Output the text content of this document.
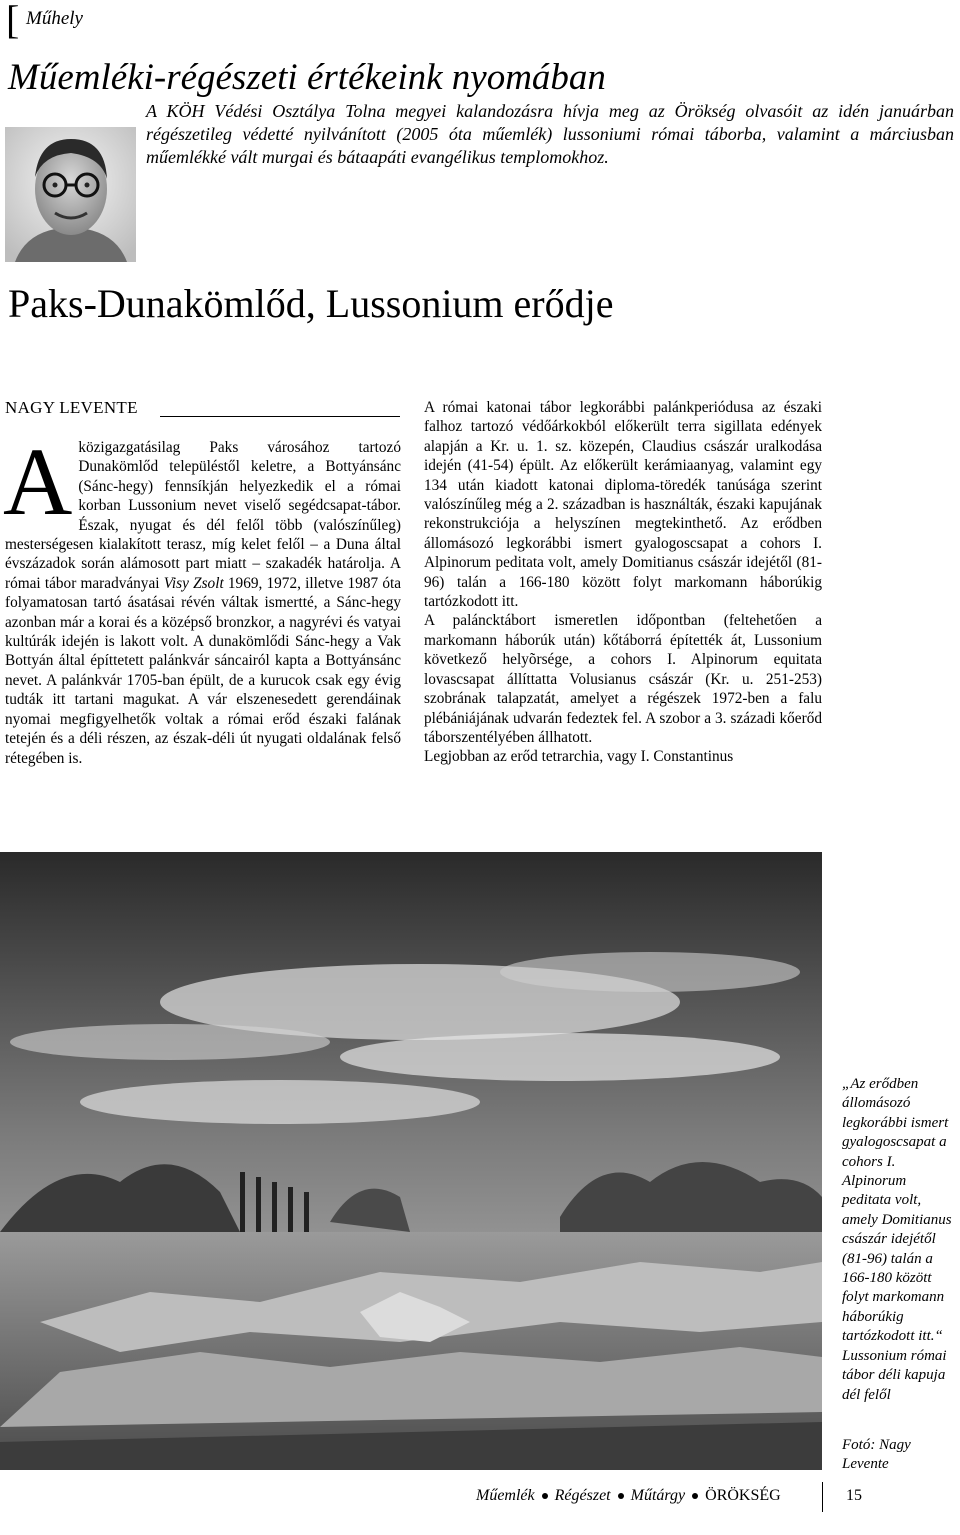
[ Műhely
Műemléki-régészeti értékeink nyomában
A KÖH Védési Osztálya Tolna megyei kalandozásra hívja meg az Örökség olvasóit az idén januárban régészetileg védetté nyilvánított (2005 óta műemlék) lussoniumi római táborba, valamint a márciusban műemlékké vált murgai és bátaapáti evangélikus templomokhoz.
Paks-Dunakömlőd, Lussonium erődje
NAGY LEVENTE

A közigazgatásilag Paks városához tartozó Dunakömlőd településtől keletre, a Bottyánsánc (Sánc-hegy) fennsíkján helyezkedik el a római korban Lussonium nevet viselő segédcsapat-tábor. Észak, nyugat és dél felől több (valószínűleg) mesterségesen kialakított terasz, míg kelet felől – a Duna által évszázadok során alámosott part miatt – szakadék határolja. A római tábor maradványai Visy Zsolt 1969, 1972, illetve 1987 óta folyamatosan tartó ásatásai révén váltak ismertté, a Sánc-hegy azonban már a korai és a középső bronzkor, a nagyrévi és vatyai kultúrák idején is lakott volt. A dunakömlődi Sánc-hegy a Vak Bottyán által építtetett palánkvár sáncairól kapta a Bottyánsánc nevet. A palánkvár 1705-ban épült, de a kurucok csak egy évig tudták itt tartani magukat. A vár elszenesedett gerendáinak nyomai megfigyelhetők voltak a római erőd északi falának tetején és a déli részen, az észak-déli út nyugati oldalának felső rétegében is.

A római katonai tábor legkorábbi palánkperiódusa az északi falhoz tartozó védőárkokból előkerült terra sigillata edények alapján a Kr. u. 1. sz. közepén, Claudius császár uralkodása idején (41-54) épült. Az előkerült kerámiaanyag, valamint egy 134 után kiadott katonai diploma-töredék tanúsága szerint valószínűleg még a 2. században is használták, északi kapujának rekonstrukciója a helyszínen megtekinthető. Az erődben állomásozó legkorábbi ismert gyalogoscsapat a cohors I. Alpinorum peditata volt, amely Domitianus császár idejétől (81-96) talán a 166-180 között folyt markomann háborúkig tartózkodott itt.

A paláncktábort ismeretlen időpontban (feltehetően a markomann háborúk után) kőtáborrá építették át, Lussonium következő helyõrsége, a cohors I. Alpinorum equitata lovascsapat állíttatta Volusianus császár (Kr. u. 251-253) szobrának talapzatát, amelyet a régészek 1972-ben a falu plébániájának udvarán fedeztek fel. A szobor a 3. századi kőerőd táborszentélyében állhatott.

Legjobban az erőd tetrarchia, vagy I. Constantinus

„Az erődben állomásozó legkorábbi ismert gyalogoscsapat a cohors I. Alpinorum peditata volt, amely Domitianus császár idejétől (81-96) talán a 166-180 között folyt markomann háborúkig tartózkodott itt.“ Lussonium római tábor déli kapuja dél felől
Fotó: Nagy Levente
Műemlék Régészet Műtárgy ÖRÖKSÉG	15
